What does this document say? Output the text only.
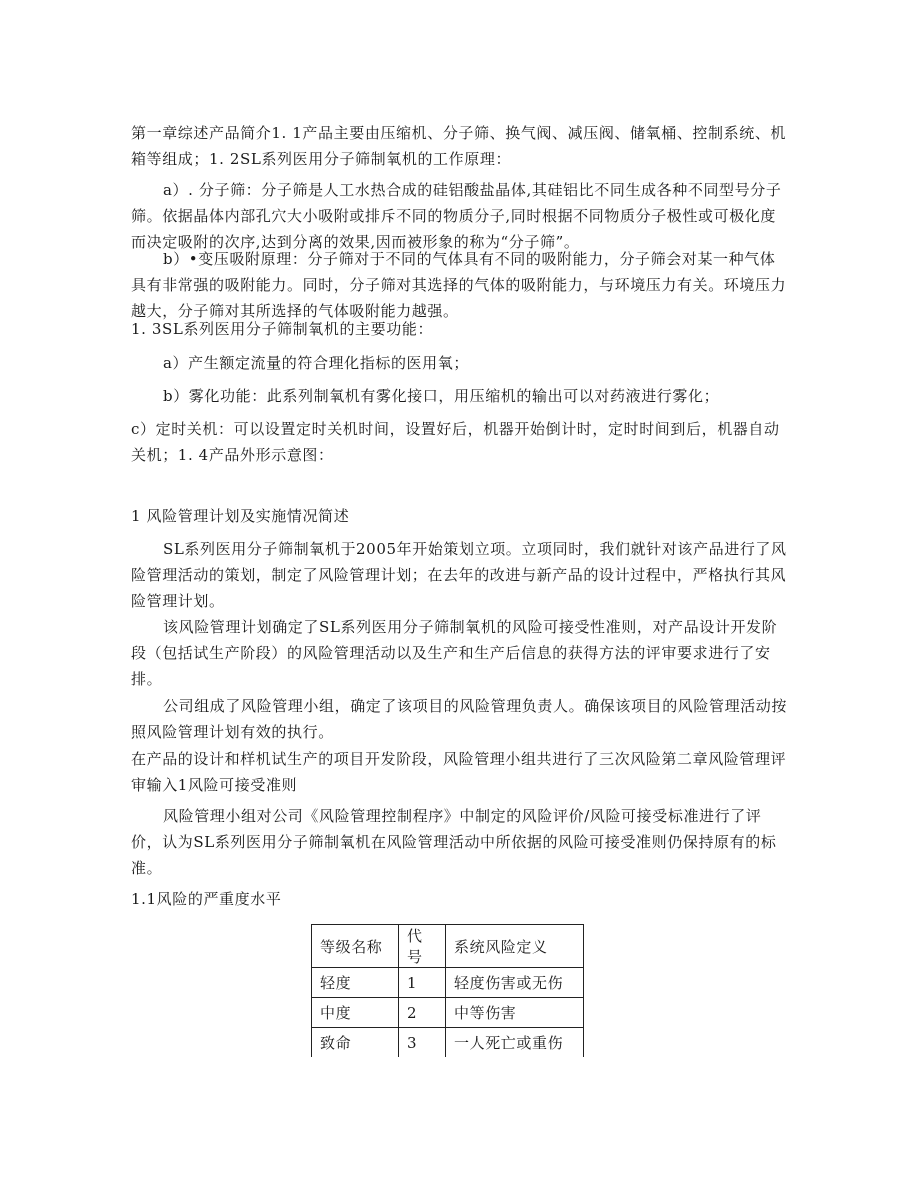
第一章综述产品简介1. 1产品主要由压缩机、分子筛、换气阀、减压阀、储氧桶、控制系统、机箱等组成；1. 2SL系列医用分子筛制氧机的工作原理：

a）. 分子筛：分子筛是人工水热合成的硅铝酸盐晶体,其硅铝比不同生成各种不同型号分子筛。依据晶体内部孔穴大小吸附或排斥不同的物质分子,同时根据不同物质分子极性或可极化度而决定吸附的次序,达到分离的效果,因而被形象的称为“分子筛”。

b）•变压吸附原理：分子筛对于不同的气体具有不同的吸附能力，分子筛会对某一种气体具有非常强的吸附能力。同时，分子筛对其选择的气体的吸附能力，与环境压力有关。环境压力越大，分子筛对其所选择的气体吸附能力越强。

1. 3SL系列医用分子筛制氧机的主要功能：

a）产生额定流量的符合理化指标的医用氧；

b）雾化功能：此系列制氧机有雾化接口，用压缩机的输出可以对药液进行雾化；

c）定时关机：可以设置定时关机时间，设置好后，机器开始倒计时，定时时间到后，机器自动关机；1. 4产品外形示意图：

1 风险管理计划及实施情况简述

SL系列医用分子筛制氧机于2005年开始策划立项。立项同时，我们就针对该产品进行了风险管理活动的策划，制定了风险管理计划；在去年的改进与新产品的设计过程中，严格执行其风险管理计划。

该风险管理计划确定了SL系列医用分子筛制氧机的风险可接受性准则，对产品设计开发阶段（包括试生产阶段）的风险管理活动以及生产和生产后信息的获得方法的评审要求进行了安排。

公司组成了风险管理小组，确定了该项目的风险管理负责人。确保该项目的风险管理活动按照风险管理计划有效的执行。

在产品的设计和样机试生产的项目开发阶段，风险管理小组共进行了三次风险第二章风险管理评审输入1风险可接受准则

风险管理小组对公司《风险管理控制程序》中制定的风险评价/风险可接受标准进行了评价，认为SL系列医用分子筛制氧机在风险管理活动中所依据的风险可接受准则仍保持原有的标准。

1.1风险的严重度水平

等级名称	代号	系统风险定义
轻度	1	轻度伤害或无伤
中度	2	中等伤害
致命	3	一人死亡或重伤
